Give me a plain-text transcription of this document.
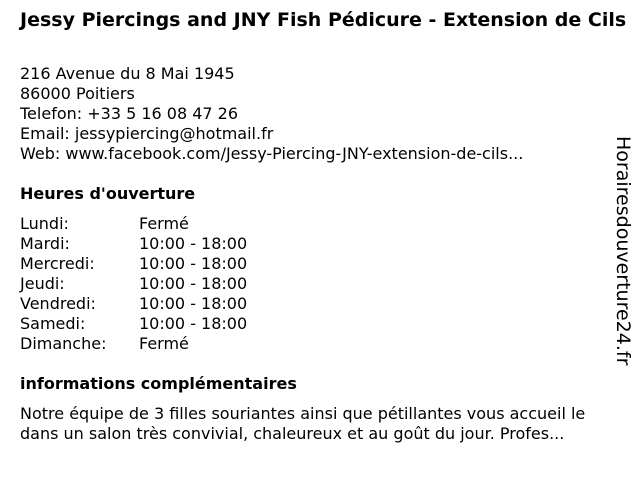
Jessy Piercings and JNY Fish Pédicure - Extension de Cils
216 Avenue du 8 Mai 1945
86000 Poitiers
Telefon: +33 5 16 08 47 26
Email: jessypiercing@hotmail.fr
Web: www.facebook.com/Jessy-Piercing-JNY-extension-de-cils...
Heures d'ouverture
Lundi:	Fermé
Mardi:	10:00 - 18:00
Mercredi:	10:00 - 18:00
Jeudi:	10:00 - 18:00
Vendredi:	10:00 - 18:00
Samedi:	10:00 - 18:00
Dimanche: Fermé
informations complémentaires
Notre équipe de 3 filles souriantes ainsi que pétillantes vous accueil le dans un salon très convivial, chaleureux et au goût du jour. Profes...
Horairesdouverture24.fr
